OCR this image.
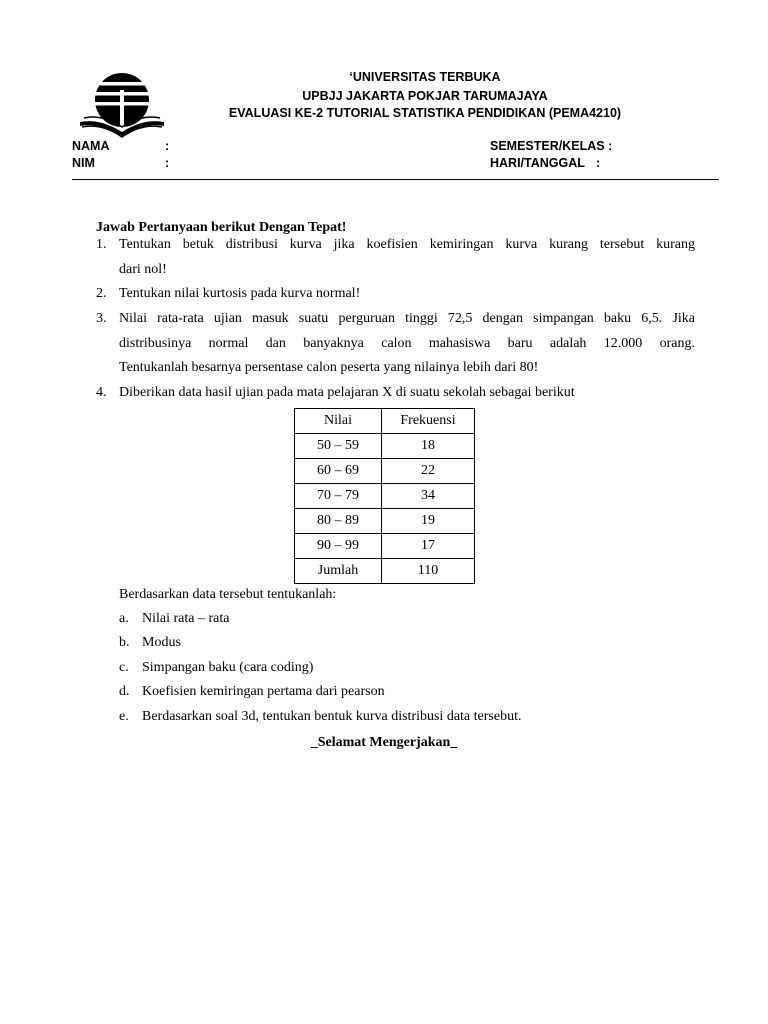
‘UNIVERSITAS TERBUKA
UPBJJ JAKARTA POKJAR TARUMAJAYA
EVALUASI KE-2 TUTORIAL STATISTIKA PENDIDIKAN (PEMA4210)
NAMA	:
NIM	:
SEMESTER/KELAS :
HARI/TANGGAL :
Jawab Pertanyaan berikut Dengan Tepat!
1. Tentukan betuk distribusi kurva jika koefisien kemiringan kurva kurang tersebut kurang
dari nol!
2. Tentukan nilai kurtosis pada kurva normal!
3. Nilai rata-rata ujian masuk suatu perguruan tinggi 72,5 dengan simpangan baku 6,5. Jika
distribusinya normal dan banyaknya calon mahasiswa baru adalah 12.000 orang.
Tentukanlah besarnya persentase calon peserta yang nilainya lebih dari 80!
4. Diberikan data hasil ujian pada mata pelajaran X di suatu sekolah sebagai berikut
Nilai	Frekuensi
50 – 59	18
60 – 69	22
70 – 79	34
80 – 89	19
90 – 99	17
Jumlah	110
Berdasarkan data tersebut tentukanlah:
a. Nilai rata – rata
b. Modus
c. Simpangan baku (cara coding)
d. Koefisien kemiringan pertama dari pearson
e. Berdasarkan soal 3d, tentukan bentuk kurva distribusi data tersebut.
_Selamat Mengerjakan_
